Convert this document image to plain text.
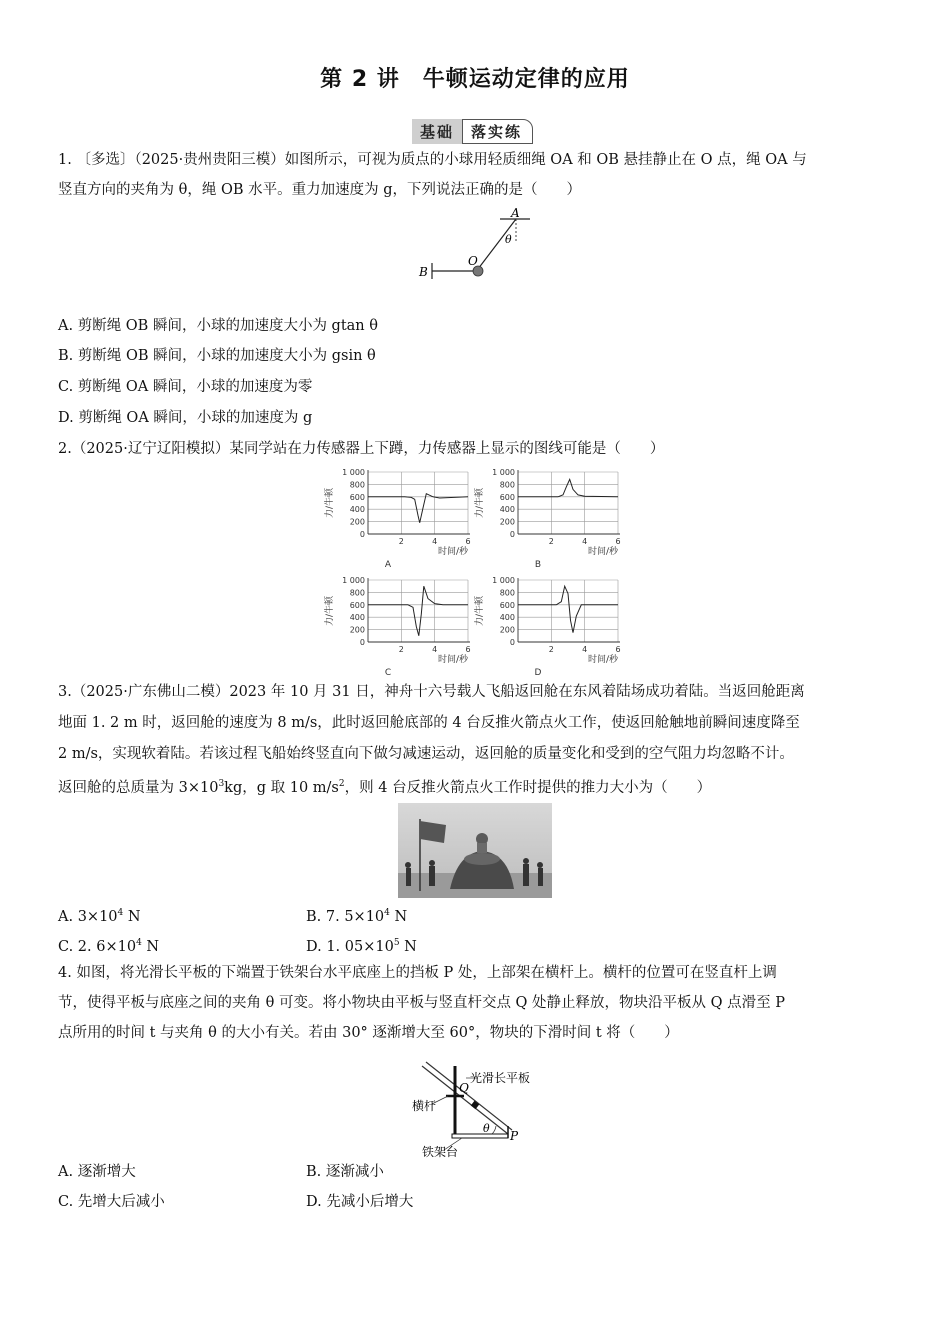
第 2 讲　牛顿运动定律的应用
基础	落实练
1. 〔多选〕（2025·贵州贵阳三模）如图所示，可视为质点的小球用轻质细绳 OA 和 OB 悬挂静止在 O 点，绳 OA 与
竖直方向的夹角为 θ，绳 OB 水平。重力加速度为 g，下列说法正确的是（　　）
A
θ
O
B
A. 剪断绳 OB 瞬间，小球的加速度大小为 gtan θ
B. 剪断绳 OB 瞬间，小球的加速度大小为 gsin θ
C. 剪断绳 OA 瞬间，小球的加速度为零
D. 剪断绳 OA 瞬间，小球的加速度为 g
2.（2025·辽宁辽阳模拟）某同学站在力传感器上下蹲，力传感器上显示的图线可能是（　　）
1 000
800
600
400
200
0
2	4	6
力/牛顿
时间/秒
A
1 000
800
600
400
200
0
2	4	6
力/牛顿
时间/秒
B
1 000
800
600
400
200
0
2	4	6
力/牛顿
时间/秒
C
1 000
800
600
400
200
0
2	4	6
力/牛顿
时间/秒
D
3.（2025·广东佛山二模）2023 年 10 月 31 日，神舟十六号载人飞船返回舱在东风着陆场成功着陆。当返回舱距离
地面 1. 2 m 时，返回舱的速度为 8 m/s，此时返回舱底部的 4 台反推火箭点火工作，使返回舱触地前瞬间速度降至
2 m/s，实现软着陆。若该过程飞船始终竖直向下做匀减速运动，返回舱的质量变化和受到的空气阻力均忽略不计。
返回舱的总质量为 $3\times 10^3kg$，g 取 10 $m/s^2$，则 4 台反推火箭点火工作时提供的推力大小为（　　）
A. $3\times 10^4$ N	B. 7. $5\times 10^4$ N
C. 2. $6\times 10^4$ N	D. 1. $05\times 10^5$ N
4. 如图，将光滑长平板的下端置于铁架台水平底座上的挡板 P 处，上部架在横杆上。横杆的位置可在竖直杆上调
节，使得平板与底座之间的夹角 θ 可变。将小物块由平板与竖直杆交点 Q 处静止释放，物块沿平板从 Q 点滑至 P
点所用的时间 t 与夹角 θ 的大小有关。若由 30° 逐渐增大至 60°，物块的下滑时间 t 将（　　）
光滑长平板
Q
横杆
θ
P
铁架台
A. 逐渐增大	B. 逐渐减小
C. 先增大后减小	D. 先减小后增大
